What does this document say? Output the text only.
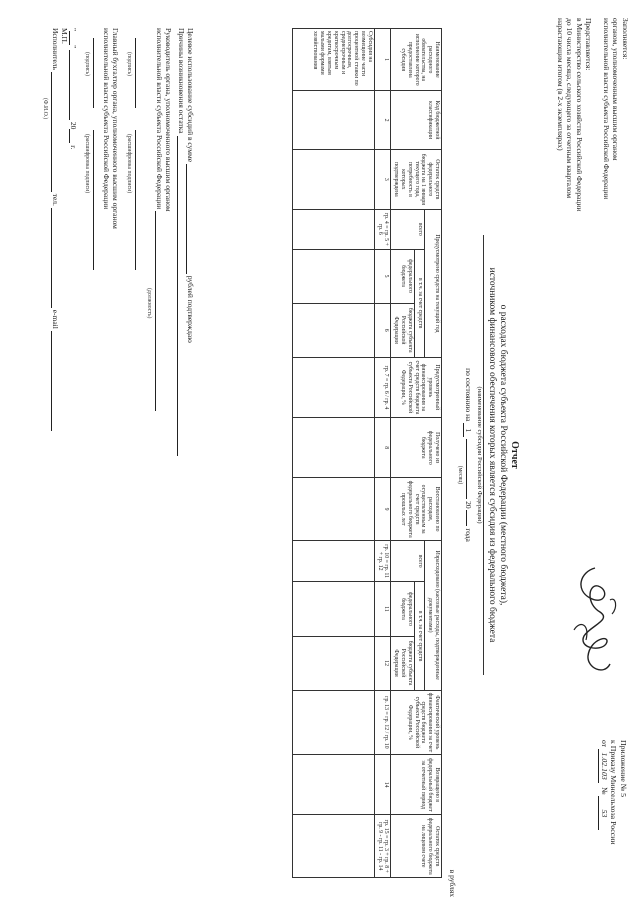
Приложение № 5
к Приказу Минсельхоза России
от 1.02.103  № 53
Заполняется:
органом, уполномоченным высшим органом
исполнительной власти субъекта Российской Федерации
Представляется:
в Министерство сельского хозяйства Российской Федерации
до 10 числа месяца, следующего за отчетным кварталом
нарастающим итогом (в 2-х экземплярах)
Отчет
о расходах бюджета субъекта Российской Федерации (местного бюджета),
источником финансового обеспечения которых является субсидия из федерального бюджета
(наименование субсидии Российской Федерации)
по состоянию на 1  20  года
(месяц)
в рублях
Наименование расходного обязательства, на исполнение которого предоставлена субсидия	Код бюджетной классификации	Остаток средств федерального бюджета на 1 января текущего года, потребность в которых подтверждена	Предусмотрено средств на текущий год			Предусмотренный уровень финансирования за счет средств бюджета субъекта Российской Федерации, %	Получено из федерального бюджета	Восстановлено по расходам, осуществленным за счет средств федерального бюджета прошлых лет	Израсходовано (кассовые расходы, подтвержденные документами)			Фактический уровень финансирования за счет средств бюджета субъекта Российской Федерации, %	Возвращено в федеральный бюджет за отчетный период	Остаток средств федерального бюджета на лицевом счете
			всего	в т.ч. за счет средств					всего	в т.ч. за счет средств				
				федерального бюджета	бюджета субъекта Российской Федерации					федерального бюджета	бюджета субъекта Российской Федерации			
1	2	3	гр. 4 = гр. 5 + гр. 6	5	6	гр. 7 = гр. 6 / гр. 4	8	9	гр. 10 = гр. 11 + гр. 12	11	12	гр. 13 = гр. 12 / гр. 10	14	гр. 15 = гр. 3 + гр. 8 + гр. 9 - гр. 11 - гр. 14
Субсидия на возмещение части процентной ставки по долгосрочным, среднесрочным и краткосрочным кредитам, взятым малыми формами хозяйствования														
Целевое использование субсидий в сумме  рублей подтверждаю
Причины возникновения остатка
Руководитель органа, уполномоченного высшим органом
исполнительной власти субъекта Российской Федерации
(должность)

(подпись) (расшифровка подписи)
Главный бухгалтер органа, уполномоченного высшим органом
исполнительной власти субъекта Российской Федерации

(подпись) (расшифровка подписи)
""  20 г.
М.П.
Исполнитель  тел.  e-mail
(Ф.И.О.)
